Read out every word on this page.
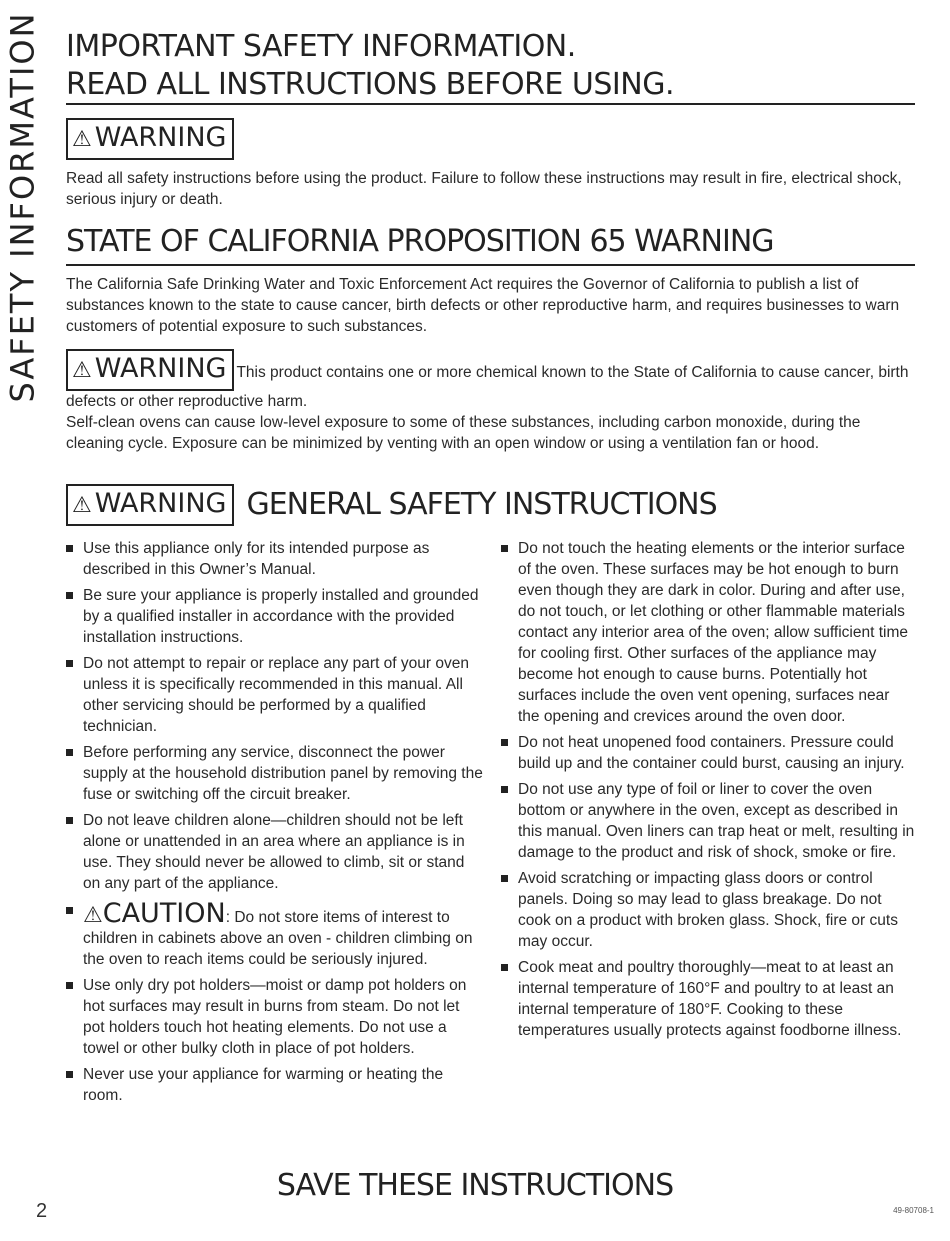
SAFETY INFORMATION IMPORTANT SAFETY INFORMATION.
READ ALL INSTRUCTIONS BEFORE USING.
⚠ WARNING
Read all safety instructions before using the product. Failure to follow these instructions may result in fire, electrical shock, serious injury or death.
STATE OF CALIFORNIA PROPOSITION 65 WARNING
The California Safe Drinking Water and Toxic Enforcement Act requires the Governor of California to publish a list of substances known to the state to cause cancer, birth defects or other reproductive harm, and requires businesses to warn customers of potential exposure to such substances.
⚠ WARNING This product contains one or more chemical known to the State of California to cause cancer, birth defects or other reproductive harm.
Self-clean ovens can cause low-level exposure to some of these substances, including carbon monoxide, during the cleaning cycle. Exposure can be minimized by venting with an open window or using a ventilation fan or hood.
⚠ WARNING GENERAL SAFETY INSTRUCTIONS
Use this appliance only for its intended purpose as described in this Owner’s Manual.
Be sure your appliance is properly installed and grounded by a qualified installer in accordance with the provided installation instructions.
Do not attempt to repair or replace any part of your oven unless it is specifically recommended in this manual. All other servicing should be performed by a qualified technician.
Before performing any service, disconnect the power supply at the household distribution panel by removing the fuse or switching off the circuit breaker.
Do not leave children alone—children should not be left alone or unattended in an area where an appliance is in use. They should never be allowed to climb, sit or stand on any part of the appliance.
⚠CAUTION: Do not store items of interest to children in cabinets above an oven - children climbing on the oven to reach items could be seriously injured.
Use only dry pot holders—moist or damp pot holders on hot surfaces may result in burns from steam. Do not let pot holders touch hot heating elements. Do not use a towel or other bulky cloth in place of pot holders.
Never use your appliance for warming or heating the room.
Do not touch the heating elements or the interior surface of the oven. These surfaces may be hot enough to burn even though they are dark in color. During and after use, do not touch, or let clothing or other flammable materials contact any interior area of the oven; allow sufficient time for cooling first. Other surfaces of the appliance may become hot enough to cause burns. Potentially hot surfaces include the oven vent opening, surfaces near the opening and crevices around the oven door.
Do not heat unopened food containers. Pressure could build up and the container could burst, causing an injury.
Do not use any type of foil or liner to cover the oven bottom or anywhere in the oven, except as described in this manual. Oven liners can trap heat or melt, resulting in damage to the product and risk of shock, smoke or fire.
Avoid scratching or impacting glass doors or control panels. Doing so may lead to glass breakage. Do not cook on a product with broken glass. Shock, fire or cuts may occur.
Cook meat and poultry thoroughly—meat to at least an internal temperature of 160°F and poultry to at least an internal temperature of 180°F. Cooking to these temperatures usually protects against foodborne illness.
SAVE THESE INSTRUCTIONS
2	49-80708-1
